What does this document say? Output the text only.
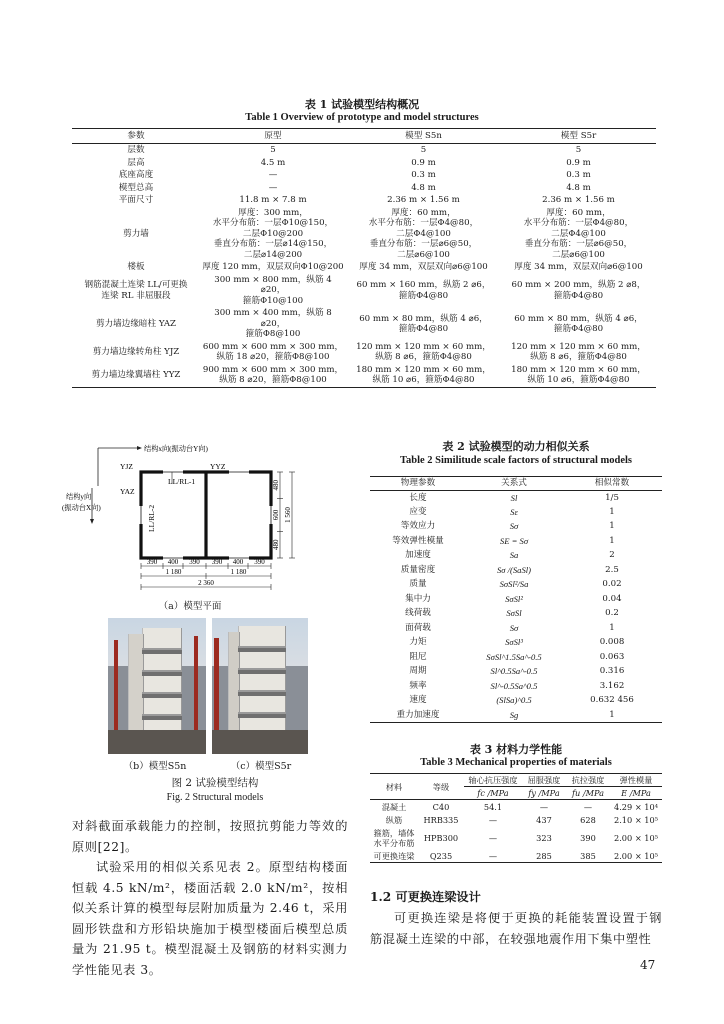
表 1 试验模型结构概况
Table 1 Overview of prototype and model structures
参数	原型	模型 S5n	模型 S5r
层数	5	5	5
层高	4.5 m	0.9 m	0.9 m
底座高度	—	0.3 m	0.3 m
模型总高	—	4.8 m	4.8 m
平面尺寸	11.8 m × 7.8 m	2.36 m × 1.56 m	2.36 m × 1.56 m
剪力墙	厚度：300 mm，
水平分布筋：一层Φ10@150，
二层Φ10@200
垂直分布筋：一层⌀14@150，
二层⌀14@200	厚度：60 mm，
水平分布筋：一层Φ4@80，
二层Φ4@100
垂直分布筋：一层⌀6@50，
二层⌀6@100	厚度：60 mm，
水平分布筋：一层Φ4@80，
二层Φ4@100
垂直分布筋：一层⌀6@50，
二层⌀6@100
楼板	厚度 120 mm，双层双向Φ10@200	厚度 34 mm，双层双向⌀6@100	厚度 34 mm，双层双向⌀6@100
钢筋混凝土连梁 LL/可更换
连梁 RL 非屈服段	300 mm × 800 mm，纵筋 4 ⌀20，
箍筋Φ10@100	60 mm × 160 mm，纵筋 2 ⌀6，
箍筋Φ4@80	60 mm × 200 mm，纵筋 2 ⌀8，
箍筋Φ4@80
剪力墙边缘暗柱 YAZ	300 mm × 400 mm，纵筋 8 ⌀20，
箍筋Φ8@100	60 mm × 80 mm，纵筋 4 ⌀6，
箍筋Φ4@80	60 mm × 80 mm，纵筋 4 ⌀6，
箍筋Φ4@80
剪力墙边缘转角柱 YJZ	600 mm × 600 mm × 300 mm，
纵筋 18 ⌀20，箍筋Φ8@100	120 mm × 120 mm × 60 mm，
纵筋 8 ⌀6，箍筋Φ4@80	120 mm × 120 mm × 60 mm，
纵筋 8 ⌀6，箍筋Φ4@80
剪力墙边缘翼墙柱 YYZ	900 mm × 600 mm × 300 mm，
纵筋 8 ⌀20，箍筋Φ8@100	180 mm × 120 mm × 60 mm，
纵筋 10 ⌀6，箍筋Φ4@80	180 mm × 120 mm × 60 mm，
纵筋 10 ⌀6，箍筋Φ4@80
结构x向(振动台Y向)
结构y向
(振动台X向)
YJZ	YYZ
YAZ
LL/RL-1
LL/RL-2
480
600
480
1 560
390 400 390 390 400 390
1 180	1 180
2 360
（a）模型平面
（b）模型S5n	（c）模型S5r
图 2 试验模型结构
Fig. 2 Structural models
表 2 试验模型的动力相似关系
Table 2 Similitude scale factors of structural models
物理参数	关系式	相似常数
长度	Sl	1/5
应变	Sε	1
等效应力	Sσ	1
等效弹性模量	SE = Sσ	1
加速度	Sa	2
质量密度	Sσ /(SaSl)	2.5
质量	SσSl²/Sa	0.02
集中力	SσSl²	0.04
线荷载	SσSl	0.2
面荷载	Sσ	1
力矩	SσSl³	0.008
阻尼	SσSl^1.5Sa^-0.5	0.063
周期	Sl^0.5Sa^-0.5	0.316
频率	Sl^-0.5Sa^0.5	3.162
速度	(SlSa)^0.5	0.632 456
重力加速度	Sg	1
表 3 材料力学性能
Table 3 Mechanical properties of materials
材料	等级	轴心抗压强度	屈服强度	抗拉强度	弹性模量
		fc /MPa	fy /MPa	fu /MPa	E /MPa
混凝土	C40	54.1	—	—	4.29 × 10⁴
纵筋	HRB335	—	437	628	2.10 × 10⁵
箍筋，墙体
水平分布筋	HPB300	—	323	390	2.00 × 10⁵
可更换连梁	Q235	—	285	385	2.00 × 10⁵
对斜截面承载能力的控制，按照抗剪能力等效的原则[22]。
试验采用的相似关系见表 2。原型结构楼面恒载 4.5 kN/m²，楼面活载 2.0 kN/m²，按相似关系计算的模型每层附加质量为 2.46 t，采用圆形铁盘和方形铅块施加于模型楼面后模型总质量为 21.95 t。模型混凝土及钢筋的材料实测力学性能见表 3。
1.2 可更换连梁设计
可更换连梁是将便于更换的耗能装置设置于钢筋混凝土连梁的中部，在较强地震作用下集中塑性
47
